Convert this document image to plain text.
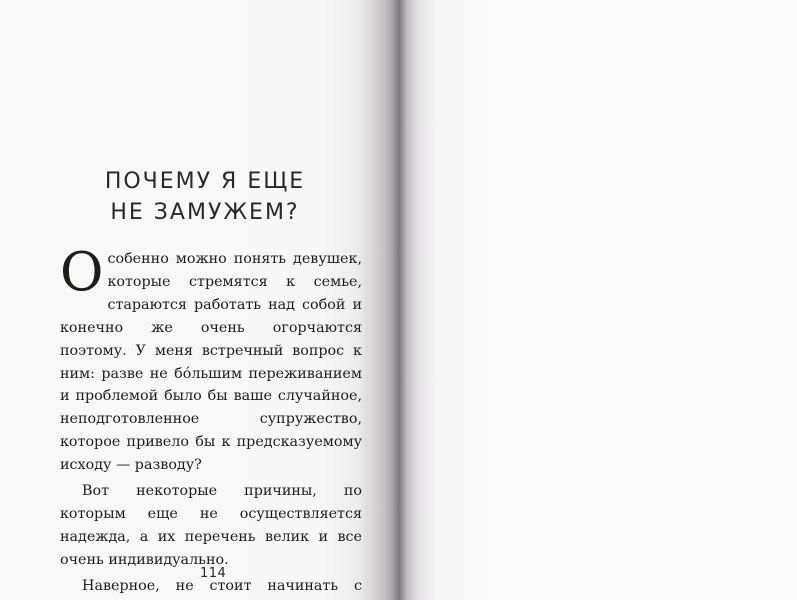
ПОЧЕМУ Я ЕЩЕ
НЕ ЗАМУЖЕМ?

Особенно можно понять девушек, которые стремятся к семье, стараются работать над собой и конечно же очень огорчаются поэтому. У меня встречный вопрос к ним: разве не бóльшим переживанием и проблемой было бы ваше случайное, неподготовленное супружество, которое привело бы к предсказуемому исходу — разводу?

Вот некоторые причины, по которым еще не осуществляется надежда, а их перечень велик и все очень индивидуально.

Наверное, не стоит начинать с

114
